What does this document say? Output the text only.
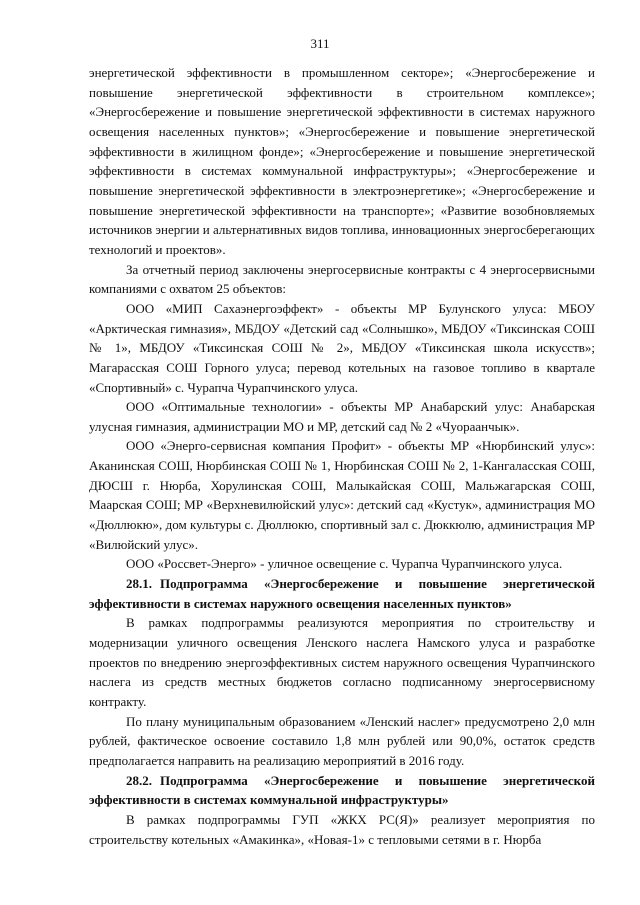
311

энергетической эффективности в промышленном секторе»; «Энергосбережение и повышение энергетической эффективности в строительном комплексе»; «Энергосбережение и повышение энергетической эффективности в системах наружного освещения населенных пунктов»; «Энергосбережение и повышение энергетической эффективности в жилищном фонде»; «Энергосбережение и повышение энергетической эффективности в системах коммунальной инфраструктуры»; «Энергосбережение и повышение энергетической эффективности в электроэнергетике»; «Энергосбережение и повышение энергетической эффективности на транспорте»; «Развитие возобновляемых источников энергии и альтернативных видов топлива, инновационных энергосберегающих технологий и проектов».

За отчетный период заключены энергосервисные контракты с 4 энергосервисными компаниями с охватом 25 объектов:

ООО «МИП Сахаэнергоэффект» - объекты МР Булунского улуса: МБОУ «Арктическая гимназия», МБДОУ «Детский сад «Солнышко», МБДОУ «Тиксинская СОШ № 1», МБДОУ «Тиксинская СОШ № 2», МБДОУ «Тиксинская школа искусств»; Магарасская СОШ Горного улуса; перевод котельных на газовое топливо в квартале «Спортивный» с. Чурапча Чурапчинского улуса.

ООО «Оптимальные технологии» - объекты МР Анабарский улус: Анабарская улусная гимназия, администрации МО и МР, детский сад № 2 «Чуораанчык».

ООО «Энерго-сервисная компания Профит» - объекты МР «Нюрбинский улус»: Аканинская СОШ, Нюрбинская СОШ № 1, Нюрбинская СОШ № 2, 1-Кангаласская СОШ, ДЮСШ г. Нюрба, Хорулинская СОШ, Малыкайская СОШ, Мальжагарская СОШ, Маарская СОШ; МР «Верхневилюйский улус»: детский сад «Кустук», администрация МО «Дюллюкю», дом культуры с. Дюллюкю, спортивный зал с. Дюккюлю, администрация МР «Вилюйский улус».

ООО «Россвет-Энерго» - уличное освещение с. Чурапча Чурапчинского улуса.

28.1. Подпрограмма «Энергосбережение и повышение энергетической эффективности в системах наружного освещения населенных пунктов»

В рамках подпрограммы реализуются мероприятия по строительству и модернизации уличного освещения Ленского наслега Намского улуса и разработке проектов по внедрению энергоэффективных систем наружного освещения Чурапчинского наслега из средств местных бюджетов согласно подписанному энергосервисному контракту.

По плану муниципальным образованием «Ленский наслег» предусмотрено 2,0 млн рублей, фактическое освоение составило 1,8 млн рублей или 90,0%, остаток средств предполагается направить на реализацию мероприятий в 2016 году.

28.2. Подпрограмма «Энергосбережение и повышение энергетической эффективности в системах коммунальной инфраструктуры»

В рамках подпрограммы ГУП «ЖКХ РС(Я)» реализует мероприятия по строительству котельных «Амакинка», «Новая-1» с тепловыми сетями в г. Нюрба
